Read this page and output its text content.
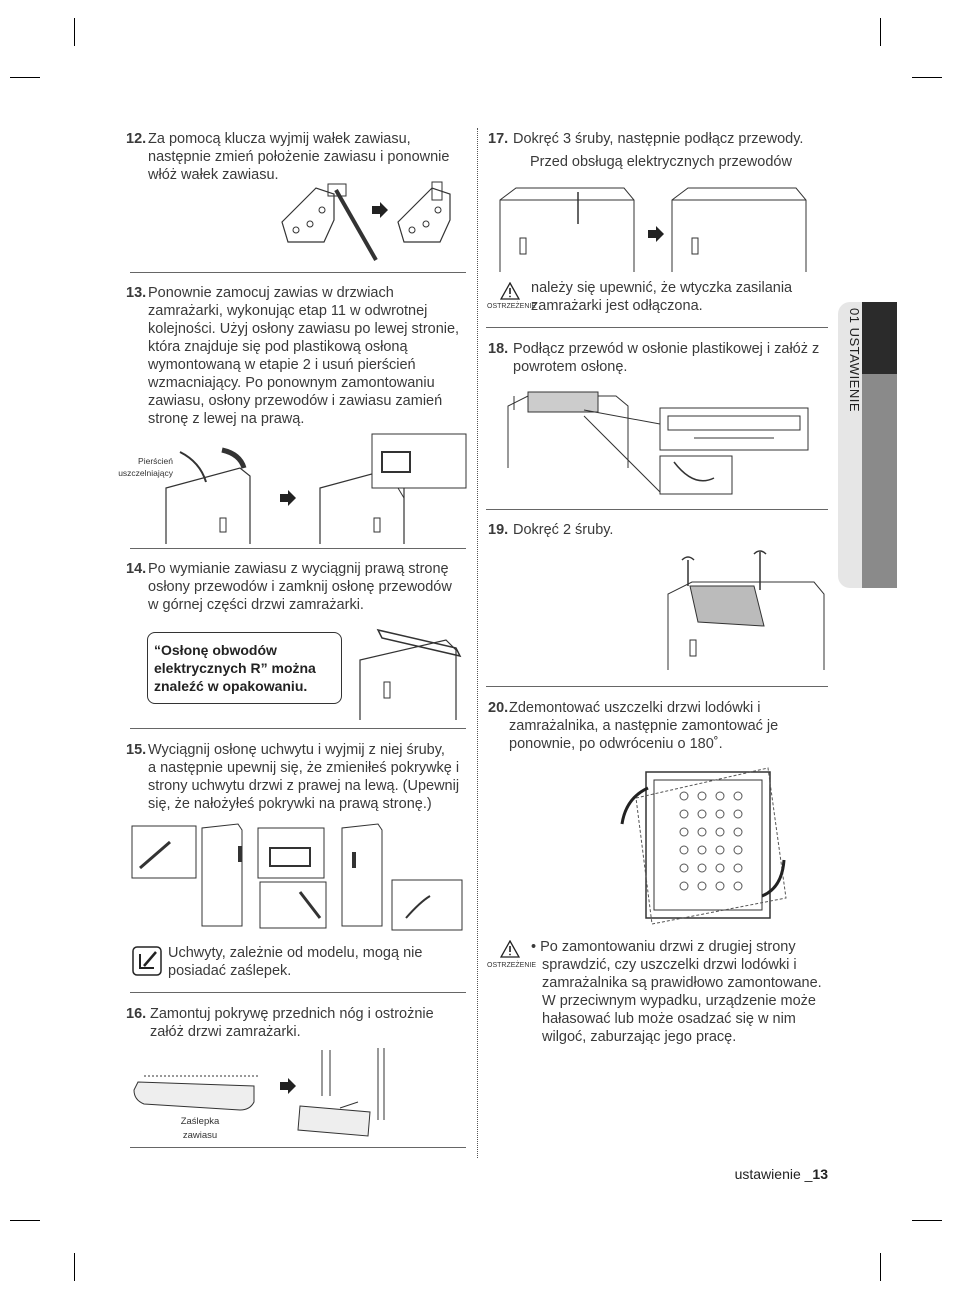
01 USTAWIENIE
12. Za pomocą klucza wyjmij wałek zawiasu,
następnie zmień położenie zawiasu i ponownie
włóż wałek zawiasu.
13. Ponownie zamocuj zawias w drzwiach
zamrażarki, wykonując etap 11 w odwrotnej
kolejności. Użyj osłony zawiasu po lewej stronie,
która znajduje się pod plastikową osłoną
wymontowaną w etapie 2 i usuń pierścień
wzmacniający. Po ponownym zamontowaniu
zawiasu, osłony przewodów i zawiasu zamień
stronę z lewej na prawą.
Pierścień
uszczelniający
14. Po wymianie zawiasu z wyciągnij prawą stronę
osłony przewodów i zamknij osłonę przewodów
w górnej części drzwi zamrażarki.
“Osłonę obwodów
elektrycznych R” można
znaleźć w opakowaniu.
15. Wyciągnij osłonę uchwytu i wyjmij z niej śruby,
a następnie upewnij się, że zmieniłeś pokrywkę i
strony uchwytu drzwi z prawej na lewą. (Upewnij
się, że nałożyłeś pokrywki na prawą stronę.)
Uchwyty, zależnie od modelu, mogą nie
posiadać zaślepek.
16. Zamontuj pokrywę przednich nóg i ostrożnie
załóż drzwi zamrażarki.
Zaślepka
zawiasu
17. Dokręć 3 śruby, następnie podłącz przewody.
Przed obsługą elektrycznych przewodów
OSTRZEŻENIE
należy się upewnić, że wtyczka zasilania
zamrażarki jest odłączona.
18. Podłącz przewód w osłonie plastikowej i załóż z
powrotem osłonę.
19. Dokręć 2 śruby.
20. Zdemontować uszczelki drzwi lodówki i
zamrażalnika, a następnie zamontować je
ponownie, po odwróceniu o 180˚.
OSTRZEŻENIE
• Po zamontowaniu drzwi z drugiej strony
sprawdzić, czy uszczelki drzwi lodówki i
zamrażalnika są prawidłowo zamontowane.
W przeciwnym wypadku, urządzenie może
hałasować lub może osadzać się w nim
wilgoć, zaburzając jego pracę.
ustawienie _13
